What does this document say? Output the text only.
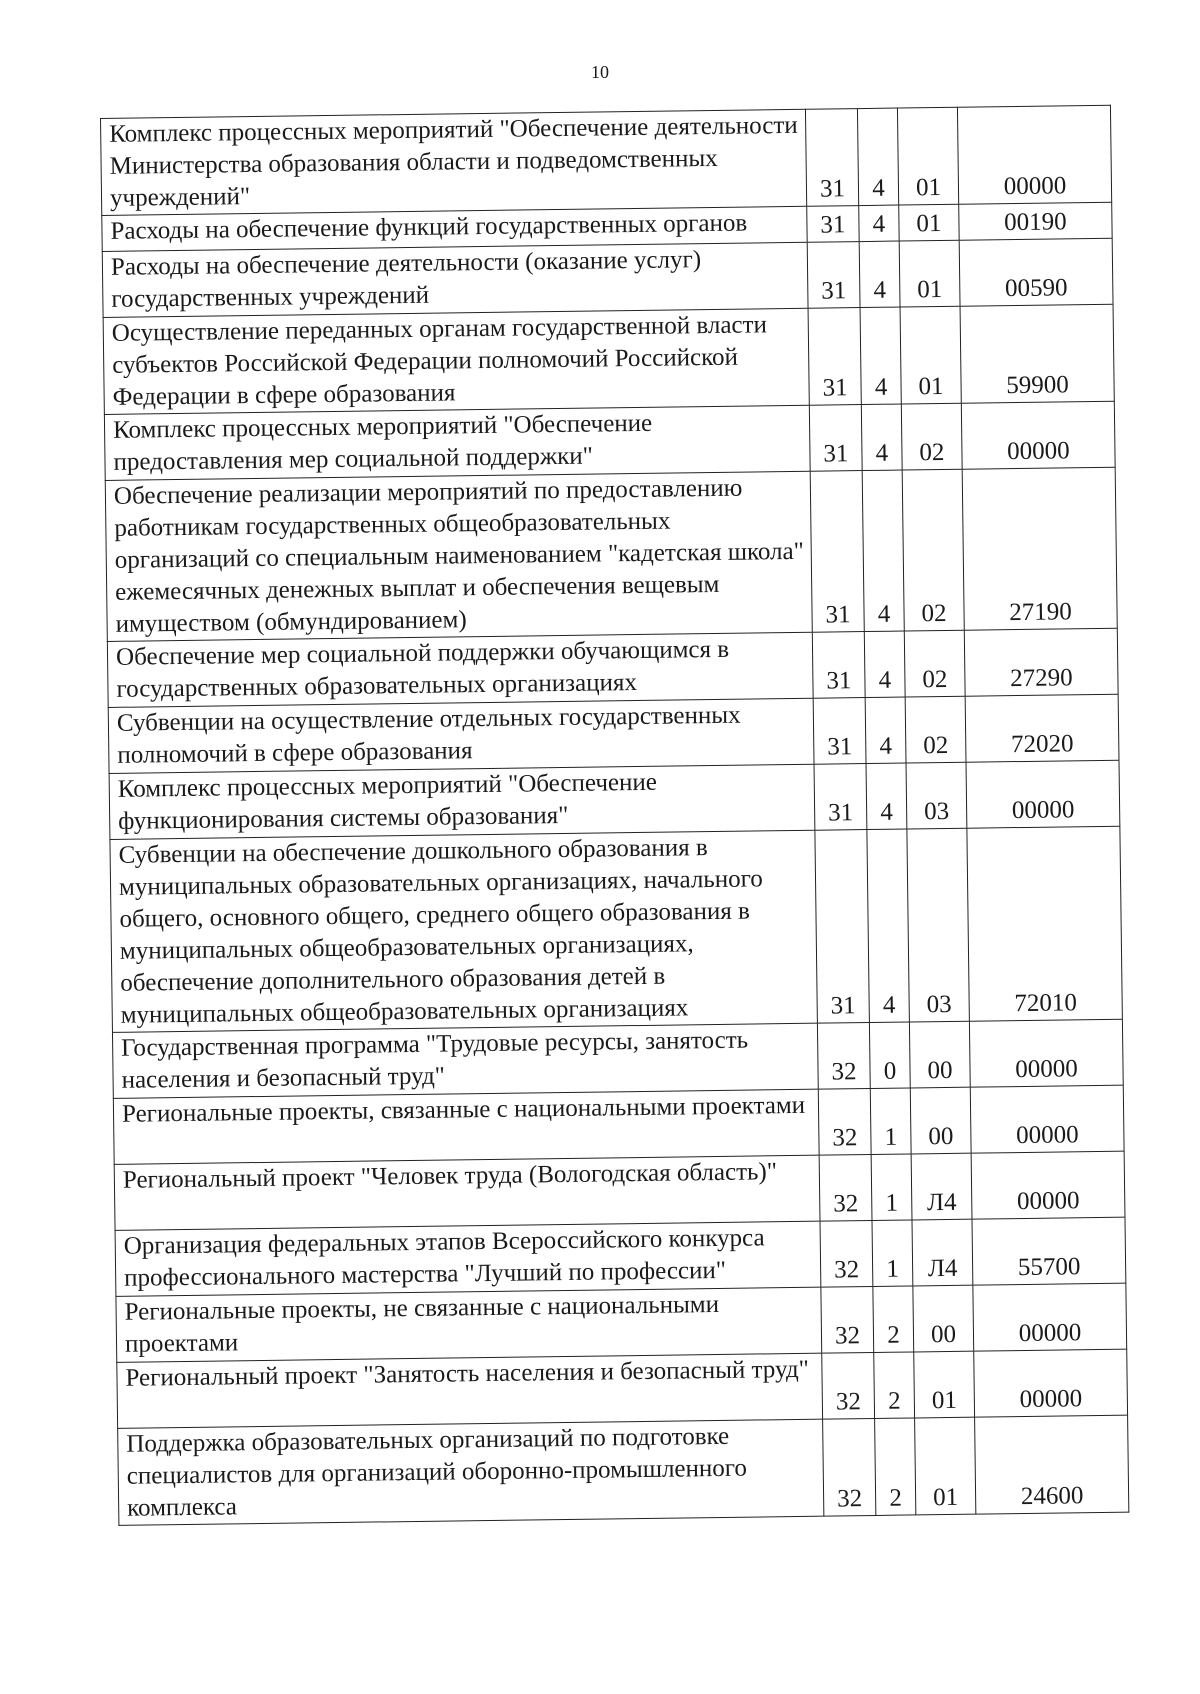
10
Комплекс процессных мероприятий "Обеспечение деятельности Министерства образования области и подведомственных учреждений"	31	4	01	00000
Расходы на обеспечение функций государственных органов	31	4	01	00190
Расходы на обеспечение деятельности (оказание услуг) государственных учреждений	31	4	01	00590
Осуществление переданных органам государственной власти субъектов Российской Федерации полномочий Российской Федерации в сфере образования	31	4	01	59900
Комплекс процессных мероприятий "Обеспечение предоставления мер социальной поддержки"	31	4	02	00000
Обеспечение реализации мероприятий по предоставлению работникам государственных общеобразовательных организаций со специальным наименованием "кадетская школа" ежемесячных денежных выплат и обеспечения вещевым имуществом (обмундированием)	31	4	02	27190
Обеспечение мер социальной поддержки обучающимся в государственных образовательных организациях	31	4	02	27290
Субвенции на осуществление отдельных государственных полномочий в сфере образования	31	4	02	72020
Комплекс процессных мероприятий "Обеспечение функционирования системы образования"	31	4	03	00000
Субвенции на обеспечение дошкольного образования в муниципальных образовательных организациях, начального общего, основного общего, среднего общего образования в муниципальных общеобразовательных организациях, обеспечение дополнительного образования детей в муниципальных общеобразовательных организациях	31	4	03	72010
Государственная программа "Трудовые ресурсы, занятость населения и безопасный труд"	32	0	00	00000
Региональные проекты, связанные с национальными проектами	32	1	00	00000
Региональный проект "Человек труда (Вологодская область)"	32	1	Л4	00000
Организация федеральных этапов Всероссийского конкурса профессионального мастерства "Лучший по профессии"	32	1	Л4	55700
Региональные проекты, не связанные с национальными проектами	32	2	00	00000
Региональный проект "Занятость населения и безопасный труд"	32	2	01	00000
Поддержка образовательных организаций по подготовке специалистов для организаций оборонно-промышленного комплекса	32	2	01	24600
